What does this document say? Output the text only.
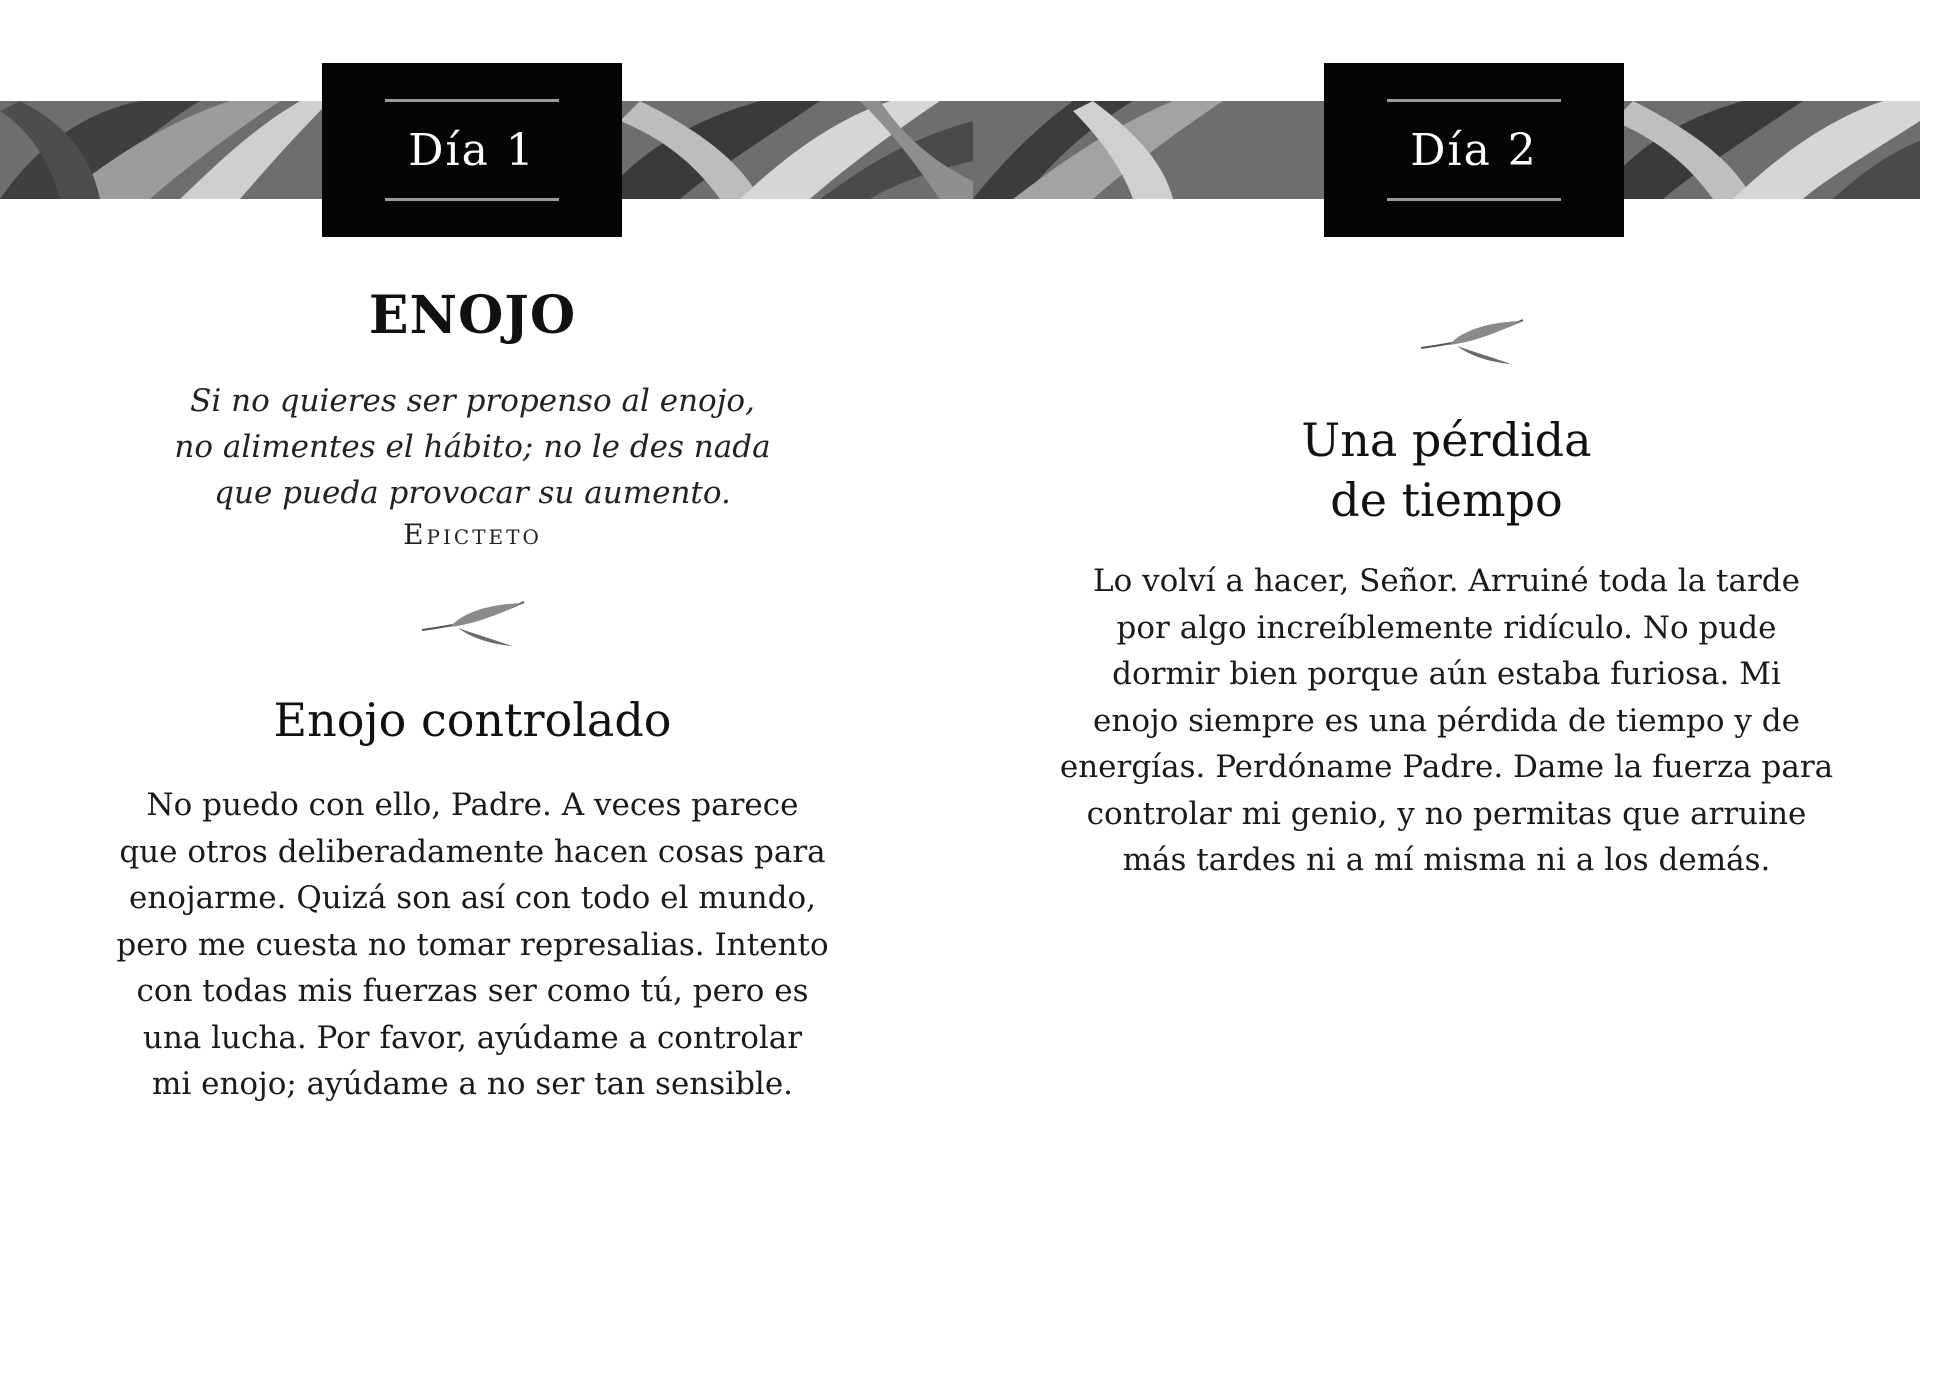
Día 1
ENOJO
Si no quieres ser propenso al enojo,
no alimentes el hábito; no le des nada
que pueda provocar su aumento.
Epicteto
Enojo controlado
No puedo con ello, Padre. A veces parece
que otros deliberadamente hacen cosas para
enojarme. Quizá son así con todo el mundo,
pero me cuesta no tomar represalias. Intento
con todas mis fuerzas ser como tú, pero es
una lucha. Por favor, ayúdame a controlar
mi enojo; ayúdame a no ser tan sensible.
Día 2
Una pérdida
de tiempo
Lo volví a hacer, Señor. Arruiné toda la tarde
por algo increíblemente ridículo. No pude
dormir bien porque aún estaba furiosa. Mi
enojo siempre es una pérdida de tiempo y de
energías. Perdóname Padre. Dame la fuerza para
controlar mi genio, y no permitas que arruine
más tardes ni a mí misma ni a los demás.
